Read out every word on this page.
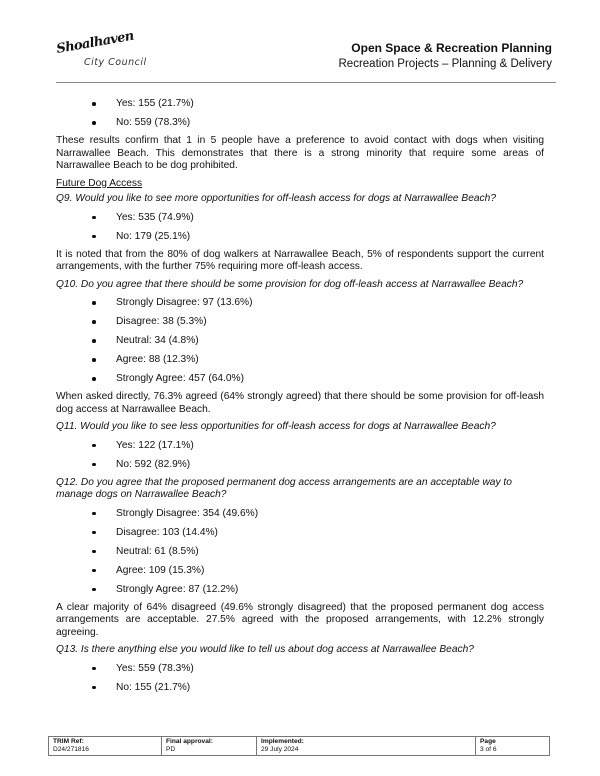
Shoalhaven
City Council
Open Space & Recreation Planning
Recreation Projects – Planning & Delivery
Yes: 155 (21.7%)
No: 559 (78.3%)

These results confirm that 1 in 5 people have a preference to avoid contact with dogs when visiting Narrawallee Beach. This demonstrates that there is a strong minority that require some areas of Narrawallee Beach to be dog prohibited.

Future Dog Access
Q9. Would you like to see more opportunities for off-leash access for dogs at Narrawallee Beach?
Yes: 535 (74.9%)
No: 179 (25.1%)

It is noted that from the 80% of dog walkers at Narrawallee Beach, 5% of respondents support the current arrangements, with the further 75% requiring more off-leash access.

Q10. Do you agree that there should be some provision for dog off-leash access at Narrawallee Beach?
Strongly Disagree: 97 (13.6%)
Disagree: 38 (5.3%)
Neutral: 34 (4.8%)
Agree: 88 (12.3%)
Strongly Agree: 457 (64.0%)

When asked directly, 76.3% agreed (64% strongly agreed) that there should be some provision for off-leash dog access at Narrawallee Beach.

Q11. Would you like to see less opportunities for off-leash access for dogs at Narrawallee Beach?
Yes: 122 (17.1%)
No: 592 (82.9%)
Q12. Do you agree that the proposed permanent dog access arrangements are an acceptable way to manage dogs on Narrawallee Beach?
Strongly Disagree: 354 (49.6%)
Disagree: 103 (14.4%)
Neutral: 61 (8.5%)
Agree: 109 (15.3%)
Strongly Agree: 87 (12.2%)

A clear majority of 64% disagreed (49.6% strongly disagreed) that the proposed permanent dog access arrangements are acceptable. 27.5% agreed with the proposed arrangements, with 12.2% strongly agreeing.

Q13. Is there anything else you would like to tell us about dog access at Narrawallee Beach?
Yes: 559 (78.3%)
No: 155 (21.7%)
TRIM Ref:
D24/271816

Final approval:
PD

Implemented:
29 July 2024

Page
3 of 6
